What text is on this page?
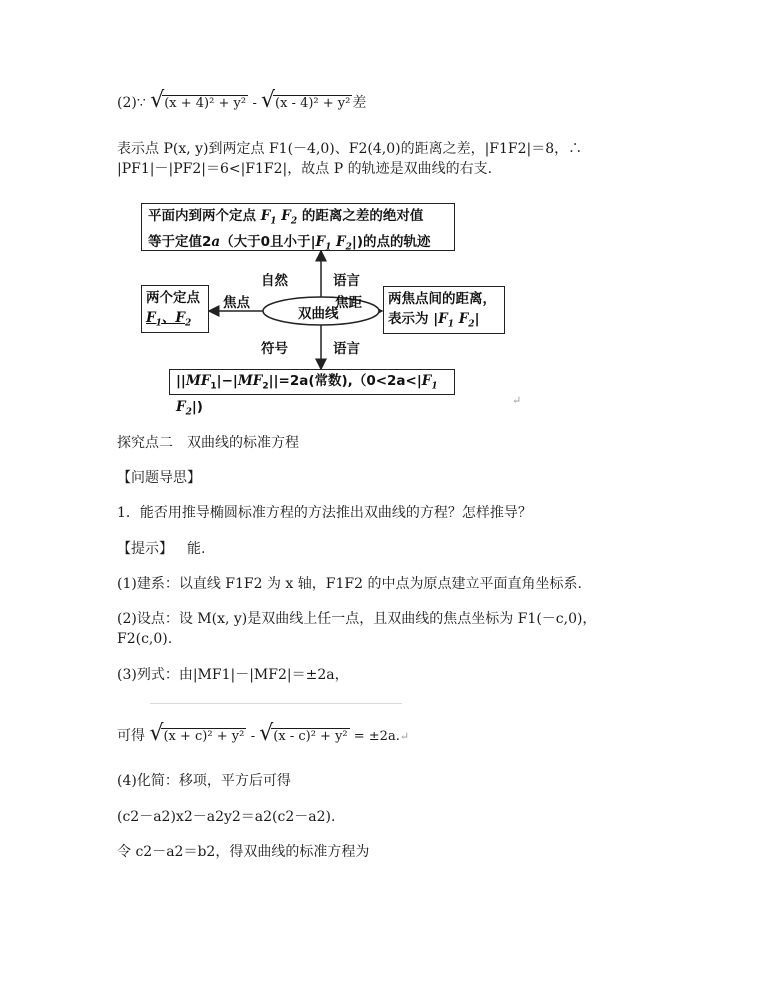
(2)∵ √ (x + 4)² + y² - √ (x - 4)² + y² 差
表示点 P(x, y)到两定点 F1(－4,0)、F2(4,0)的距离之差，|F1F2|＝8，∴
|PF1|－|PF2|＝6<|F1F2|，故点 P 的轨迹是双曲线的右支.
平面内到两个定点 $F_1$ $F_2$ 的距离之差的绝对值
等于定值2a（大于0且小于$|F_1$ $F_2|$)的点的轨迹
自然	语言
两个定点
$F_1$、$F_2$
焦点
双曲线
焦距 两焦点间的距离，
表示为 $|F_1$ $F_2|$
符号	语言
$||MF_1|-|MF_2||=2a$(常数)$,(0<2a<|F_1$ $F_2|$)	↵
探究点二　双曲线的标准方程
【问题导思】
1．能否用推导椭圆标准方程的方法推出双曲线的方程？怎样推导？
【提示】 能.
(1)建系：以直线 F1F2 为 x 轴，F1F2 的中点为原点建立平面直角坐标系.
(2)设点：设 M(x, y)是双曲线上任一点，且双曲线的焦点坐标为 F1(－c,0)，
F2(c,0).
(3)列式：由|MF1|－|MF2|＝±2a，
可得 √ (x + c)² + y² - √ (x - c)² + y² = ±2a.↵
(4)化简：移项，平方后可得
(c2－a2)x2－a2y2＝a2(c2－a2).
令 c2－a2＝b2，得双曲线的标准方程为
